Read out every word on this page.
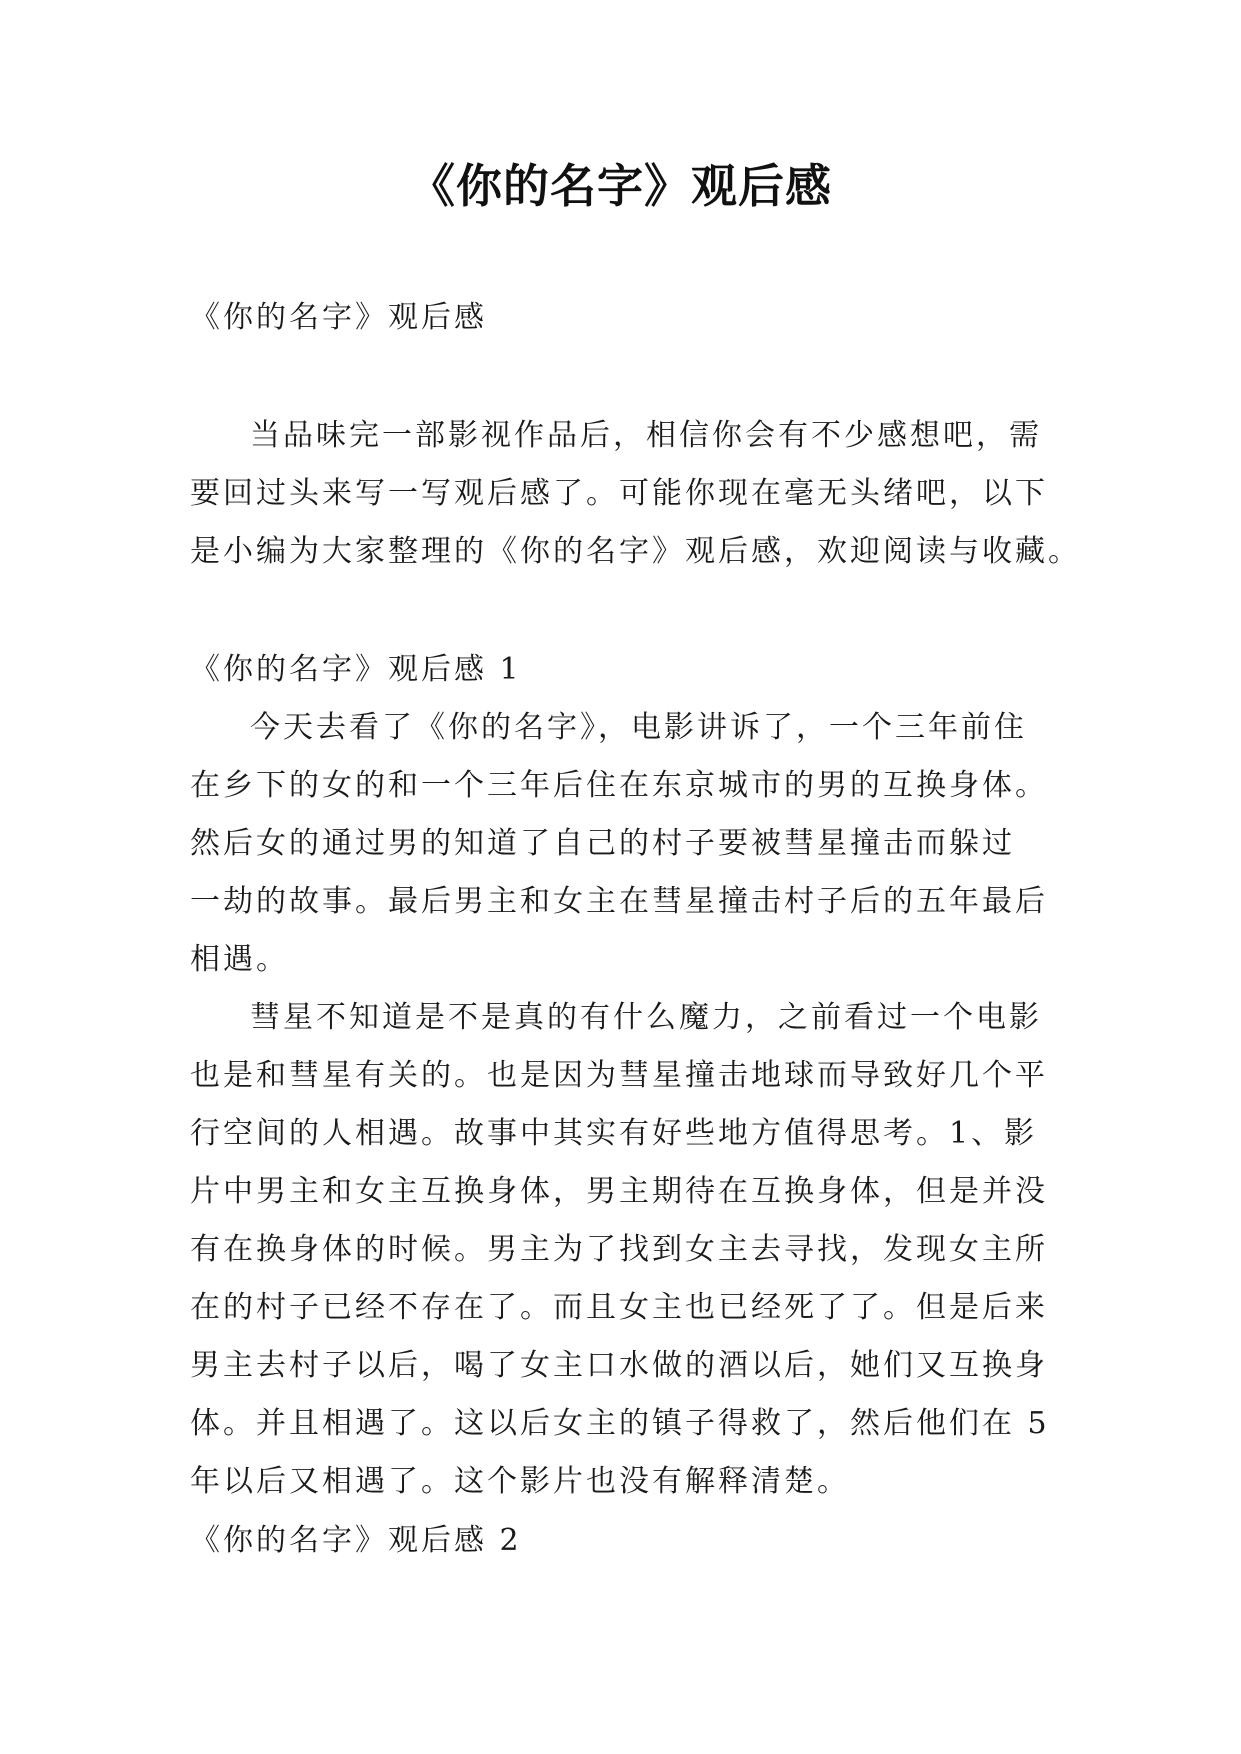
《你的名字》观后感
《你的名字》观后感
当品味完一部影视作品后，相信你会有不少感想吧，需
要回过头来写一写观后感了。可能你现在毫无头绪吧，以下
是小编为大家整理的《你的名字》观后感，欢迎阅读与收藏。
《你的名字》观后感 1
今天去看了《你的名字》，电影讲诉了，一个三年前住
在乡下的女的和一个三年后住在东京城市的男的互换身体。
然后女的通过男的知道了自己的村子要被彗星撞击而躲过
一劫的故事。最后男主和女主在彗星撞击村子后的五年最后
相遇。
彗星不知道是不是真的有什么魔力，之前看过一个电影
也是和彗星有关的。也是因为彗星撞击地球而导致好几个平
行空间的人相遇。故事中其实有好些地方值得思考。1、影
片中男主和女主互换身体，男主期待在互换身体，但是并没
有在换身体的时候。男主为了找到女主去寻找，发现女主所
在的村子已经不存在了。而且女主也已经死了了。但是后来
男主去村子以后，喝了女主口水做的酒以后，她们又互换身
体。并且相遇了。这以后女主的镇子得救了，然后他们在 5
年以后又相遇了。这个影片也没有解释清楚。
《你的名字》观后感 2
